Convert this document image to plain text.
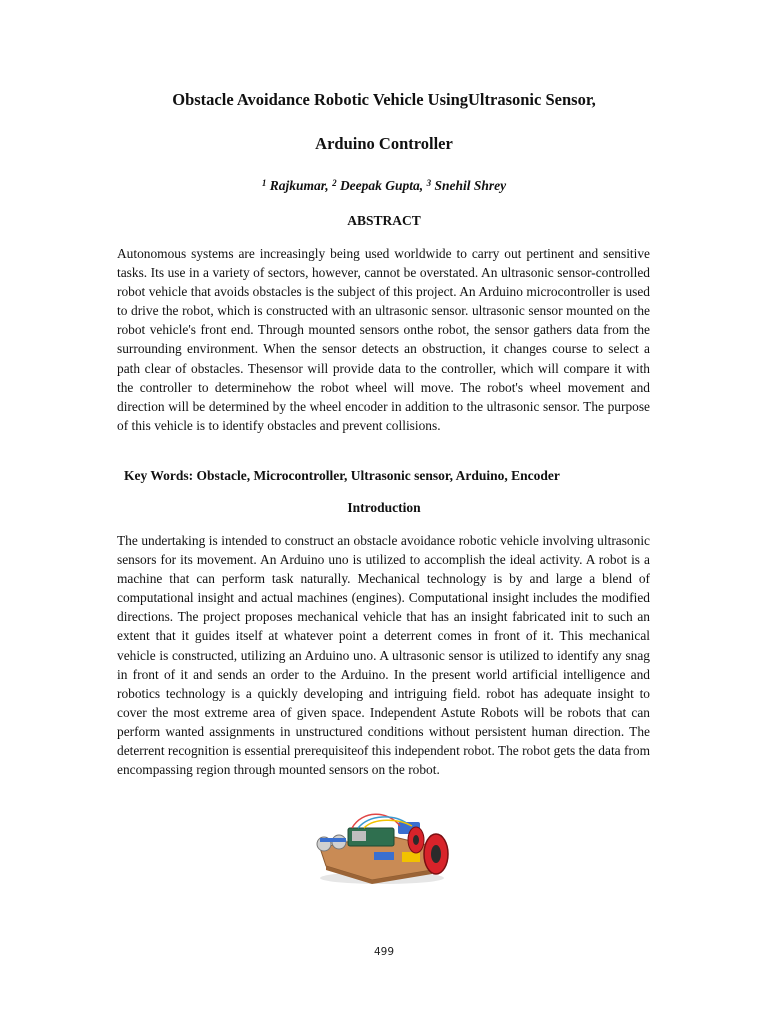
Obstacle Avoidance Robotic Vehicle UsingUltrasonic Sensor,
Arduino Controller
$^1$ Rajkumar, $^2$ Deepak Gupta, $^3$ Snehil Shrey
ABSTRACT

Autonomous systems are increasingly being used worldwide to carry out pertinent and sensitive tasks. Its use in a variety of sectors, however, cannot be overstated. An ultrasonic sensor-controlled robot vehicle that avoids obstacles is the subject of this project. An Arduino microcontroller is used to drive the robot, which is constructed with an ultrasonic sensor. ultrasonic sensor mounted on the robot vehicle's front end. Through mounted sensors onthe robot, the sensor gathers data from the surrounding environment. When the sensor detects an obstruction, it changes course to select a path clear of obstacles. Thesensor will provide data to the controller, which will compare it with the controller to determinehow the robot wheel will move. The robot's wheel movement and direction will be determined by the wheel encoder in addition to the ultrasonic sensor. The purpose of this vehicle is to identify obstacles and prevent collisions.

Key Words: Obstacle, Microcontroller, Ultrasonic sensor, Arduino, Encoder

Introduction

The undertaking is intended to construct an obstacle avoidance robotic vehicle involving ultrasonic sensors for its movement. An Arduino uno is utilized to accomplish the ideal activity. A robot is a machine that can perform task naturally. Mechanical technology is by and large a blend of computational insight and actual machines (engines). Computational insight includes the modified directions. The project proposes mechanical vehicle that has an insight fabricated init to such an extent that it guides itself at whatever point a deterrent comes in front of it. This mechanical vehicle is constructed, utilizing an Arduino uno. A ultrasonic sensor is utilized to identify any snag in front of it and sends an order to the Arduino. In the present world artificial intelligence and robotics technology is a quickly developing and intriguing field. robot has adequate insight to cover the most extreme area of given space. Independent Astute Robots will be robots that can perform wanted assignments in unstructured conditions without persistent human direction. The deterrent recognition is essential prerequisiteof this independent robot. The robot gets the data from encompassing region through mounted sensors on the robot.

499
